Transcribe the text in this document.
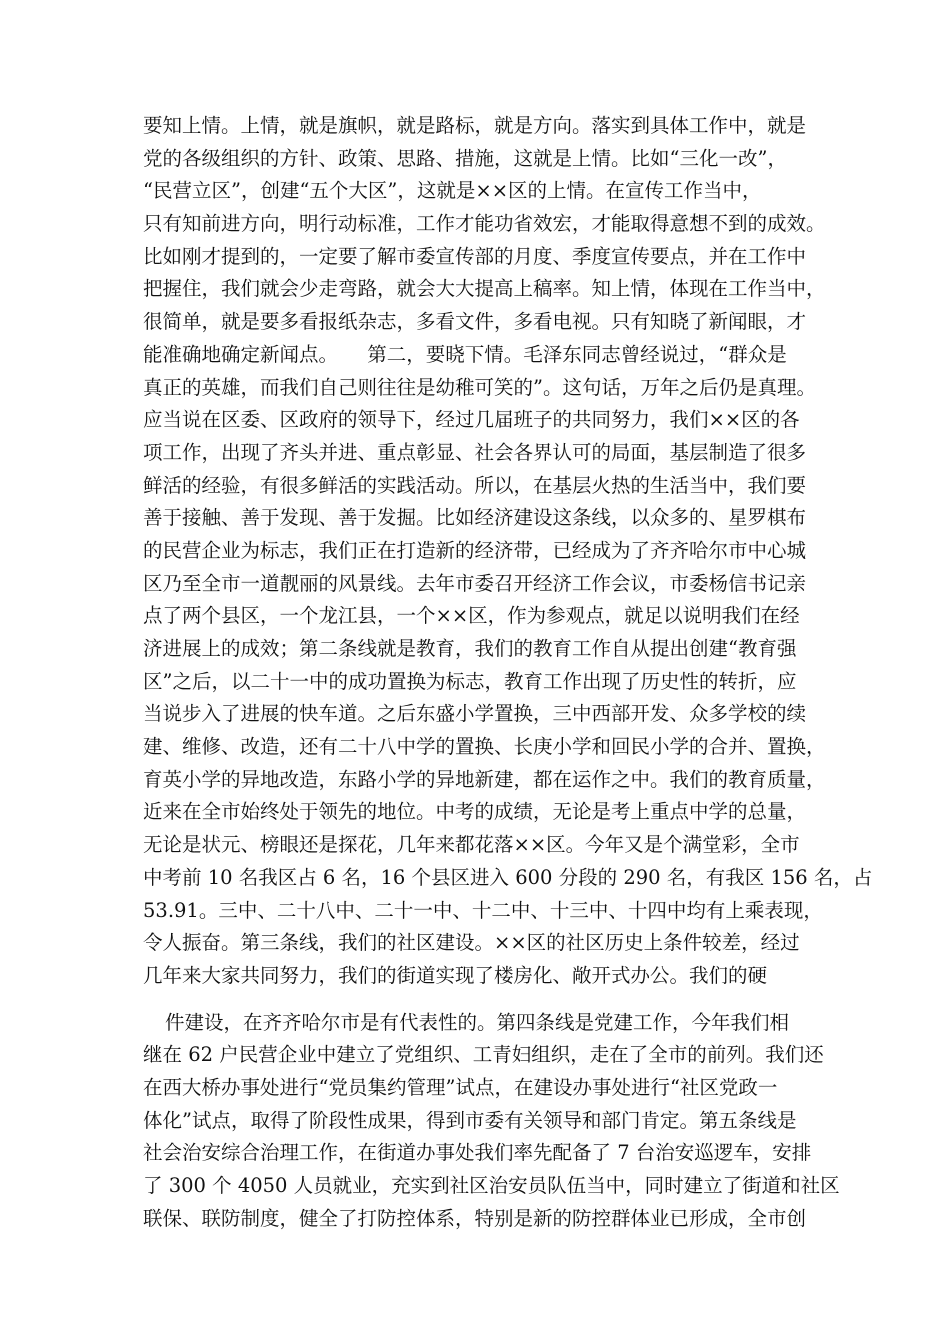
要知上情。上情，就是旗帜，就是路标，就是方向。落实到具体工作中，就是
党的各级组织的方针、政策、思路、措施，这就是上情。比如“三化一改”，
“民营立区”，创建“五个大区”，这就是××区的上情。在宣传工作当中，
只有知前进方向，明行动标准，工作才能功省效宏，才能取得意想不到的成效。
比如刚才提到的，一定要了解市委宣传部的月度、季度宣传要点，并在工作中
把握住，我们就会少走弯路，就会大大提高上稿率。知上情，体现在工作当中，
很简单，就是要多看报纸杂志，多看文件，多看电视。只有知晓了新闻眼，才
能准确地确定新闻点。　　第二，要晓下情。毛泽东同志曾经说过，“群众是
真正的英雄，而我们自己则往往是幼稚可笑的”。这句话，万年之后仍是真理。
应当说在区委、区政府的领导下，经过几届班子的共同努力，我们××区的各
项工作，出现了齐头并进、重点彰显、社会各界认可的局面，基层制造了很多
鲜活的经验，有很多鲜活的实践活动。所以，在基层火热的生活当中，我们要
善于接触、善于发现、善于发掘。比如经济建设这条线，以众多的、星罗棋布
的民营企业为标志，我们正在打造新的经济带，已经成为了齐齐哈尔市中心城
区乃至全市一道靓丽的风景线。去年市委召开经济工作会议，市委杨信书记亲
点了两个县区，一个龙江县，一个××区，作为参观点，就足以说明我们在经
济进展上的成效；第二条线就是教育，我们的教育工作自从提出创建“教育强
区”之后，以二十一中的成功置换为标志，教育工作出现了历史性的转折，应
当说步入了进展的快车道。之后东盛小学置换，三中西部开发、众多学校的续
建、维修、改造，还有二十八中学的置换、长庚小学和回民小学的合并、置换，
育英小学的异地改造，东路小学的异地新建，都在运作之中。我们的教育质量，
近来在全市始终处于领先的地位。中考的成绩，无论是考上重点中学的总量，
无论是状元、榜眼还是探花，几年来都花落××区。今年又是个满堂彩，全市
中考前 10 名我区占 6 名，16 个县区进入 600 分段的 290 名，有我区 156 名，占
53.91。三中、二十八中、二十一中、十二中、十三中、十四中均有上乘表现，
令人振奋。第三条线，我们的社区建设。××区的社区历史上条件较差，经过
几年来大家共同努力，我们的街道实现了楼房化、敞开式办公。我们的硬
件建设，在齐齐哈尔市是有代表性的。第四条线是党建工作，今年我们相
继在 62 户民营企业中建立了党组织、工青妇组织，走在了全市的前列。我们还
在西大桥办事处进行“党员集约管理”试点，在建设办事处进行“社区党政一
体化”试点，取得了阶段性成果，得到市委有关领导和部门肯定。第五条线是
社会治安综合治理工作，在街道办事处我们率先配备了 7 台治安巡逻车，安排
了 300 个 4050 人员就业，充实到社区治安员队伍当中，同时建立了街道和社区
联保、联防制度，健全了打防控体系，特别是新的防控群体业已形成，全市创
